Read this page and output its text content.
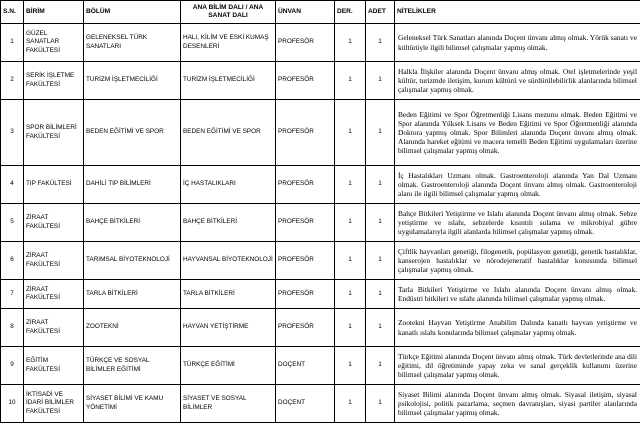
S.N.	BİRİM	BÖLÜM	ANA BİLİM DALI / ANA SANAT DALI	ÜNVAN	DER.	ADET	NİTELİKLER
1	GÜZEL SANATLAR FAKÜLTESİ	GELENEKSEL TÜRK SANATLARI	HALI, KİLİM VE ESKİ KUMAŞ DESENLERİ	PROFESÖR	1	1	Geleneksel Türk Sanatları alanında Doçent ünvanı almış olmak. Yörük sanatı ve kültürüyle ilgili bilimsel çalışmalar yapmış olmak.
2	SERİK İŞLETME FAKÜLTESİ	TURİZM İŞLETMECİLİĞİ	TURİZM İŞLETMECİLİĞİ	PROFESÖR	1	1	Halkla İlişkiler alanında Doçent ünvanı almış olmak. Otel işletmelerinde yeşil kültür, turizmde iletişim, kurum kültürü ve sürdürülebilirlik alanlarında bilimsel çalışmalar yapmış olmak.
3	SPOR BİLİMLERİ FAKÜLTESİ	BEDEN EĞİTİMİ VE SPOR	BEDEN EĞİTİMİ VE SPOR	PROFESÖR	1	1	Beden Eğitimi ve Spor Öğretmenliği Lisans mezunu olmak. Beden Eğitimi ve Spor alanında Yüksek Lisans ve Beden Eğitimi ve Spor Öğretmenliği alanında Doktora yapmış olmak. Spor Bilimleri alanında Doçent ünvanı almış olmak. Alanında hareket eğitimi ve macera temelli Beden Eğitimi uygulamaları üzerine bilimsel çalışmalar yapmış olmak.
4	TIP FAKÜLTESİ	DAHİLİ TIP BİLİMLERİ	İÇ HASTALIKLARI	PROFESÖR	1	1	İç Hastalıkları Uzmanı olmak. Gastroenteroloji alanında Yan Dal Uzmanı olmak. Gastroenteroloji alanında Doçent ünvanı almış olmak. Gastroenteroloji alanı ile ilgili bilimsel çalışmalar yapmış olmak.
5	ZİRAAT FAKÜLTESİ	BAHÇE BİTKİLERİ	BAHÇE BİTKİLERİ	PROFESÖR	1	1	Bahçe Bitkileri Yetiştirme ve Islahı alanında Doçent ünvanı almış olmak. Sebze yetiştirme ve ıslahı, sebzelerde kısıntılı sulama ve mikrobiyal gübre uygulamalarıyla ilgili alanlarda bilimsel çalışmalar yapmış olmak.
6	ZİRAAT FAKÜLTESİ	TARIMSAL BİYOTEKNOLOJİ	HAYVANSAL BİYOTEKNOLOJİ	PROFESÖR	1	1	Çiftlik hayvanları genetiği, filogenetik, popülasyon genetiği, genetik hastalıklar, kanserojen hastalıklar ve nörodejeneratif hastalıklar konusunda bilimsel çalışmalar yapmış olmak.
7	ZİRAAT FAKÜLTESİ	TARLA BİTKİLERİ	TARLA BİTKİLERİ	PROFESÖR	1	1	Tarla Bitkileri Yetiştirme ve Islahı alanında Doçent ünvanı almış olmak. Endüstri bitkileri ve ıslahı alanında bilimsel çalışmalar yapmış olmak.
8	ZİRAAT FAKÜLTESİ	ZOOTEKNİ	HAYVAN YETİŞTİRME	PROFESÖR	1	1	Zootekni Hayvan Yetiştirme Anabilim Dalında kanatlı hayvan yetiştirme ve kanatlı ıslahı konularında bilimsel çalışmalar yapmış olmak.
9	EĞİTİM FAKÜLTESİ	TÜRKÇE VE SOSYAL BİLİMLER EĞİTİMİ	TÜRKÇE EĞİTİMİ	DOÇENT	1	1	Türkçe Eğitimi alanında Doçent ünvanı almış olmak. Türk devletlerinde ana dili eğitimi, dil öğretiminde yapay zeka ve sanal gerçeklik kullanımı üzerine bilimsel çalışmalar yapmış olmak.
10	İKTİSADİ VE İDARİ BİLİMLER FAKÜLTESİ	SİYASET BİLİMİ VE KAMU YÖNETİMİ	SİYASET VE SOSYAL BİLİMLER	DOÇENT	1	1	Siyaset Bilimi alanında Doçent ünvanı almış olmak. Siyasal iletişim, siyasal psikolojisi, politik pazarlama, seçmen davranışları, siyasi partiler alanlarında bilimsel çalışmalar yapmış olmak.
